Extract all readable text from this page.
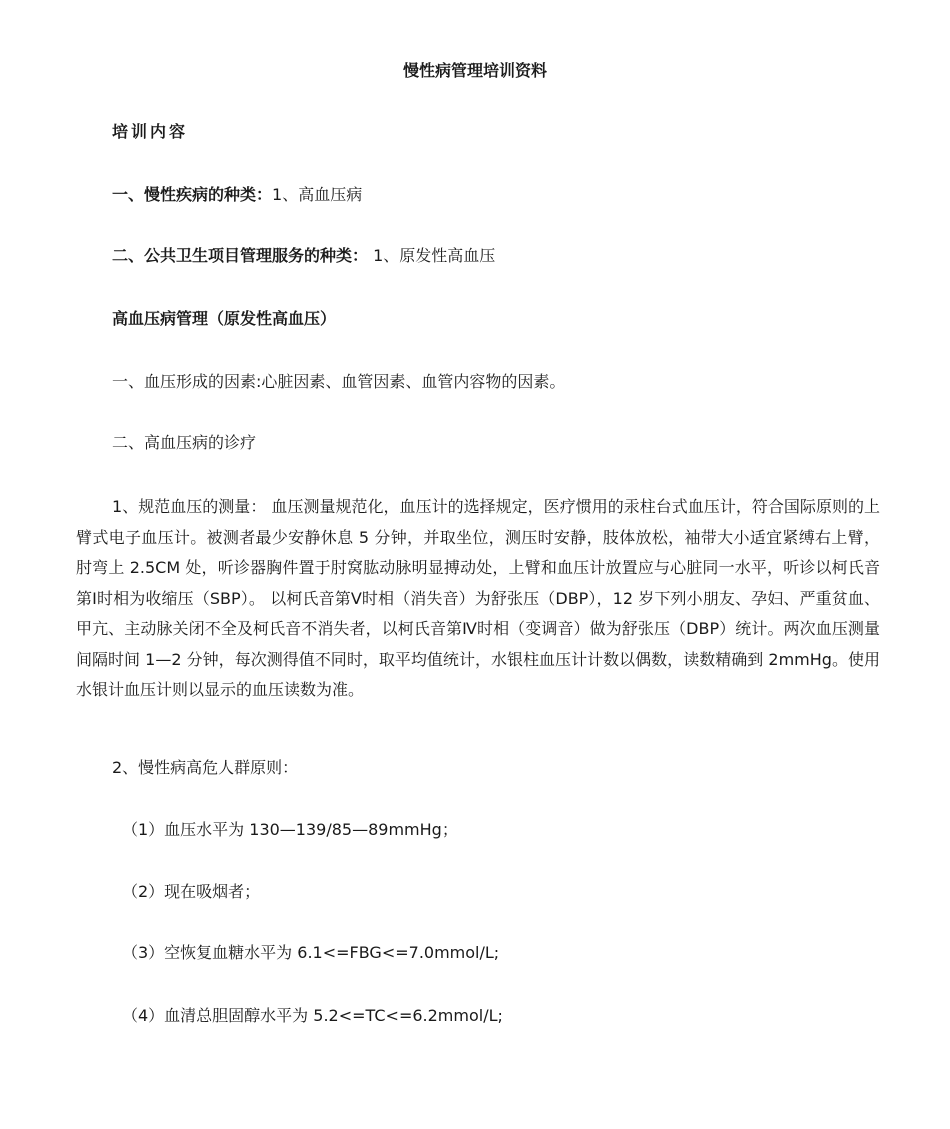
慢性病管理培训资料
培训内容
一、慢性疾病的种类：1、高血压病
二、公共卫生项目管理服务的种类： 1、原发性高血压
高血压病管理（原发性高血压）
一、血压形成的因素:心脏因素、血管因素、血管内容物的因素。
二、高血压病的诊疗
1、规范血压的测量： 血压测量规范化，血压计的选择规定，医疗惯用的汞柱台式血压计，符合国际原则的上臂式电子血压计。被测者最少安静休息 5 分钟，并取坐位，测压时安静，肢体放松，袖带大小适宜紧缚右上臂，肘弯上 2.5CM 处，听诊器胸件置于肘窝肱动脉明显搏动处，上臂和血压计放置应与心脏同一水平，听诊以柯氏音第Ⅰ时相为收缩压（SBP）。 以柯氏音第Ⅴ时相（消失音）为舒张压（DBP），12 岁下列小朋友、孕妇、严重贫血、甲亢、主动脉关闭不全及柯氏音不消失者，以柯氏音第Ⅳ时相（变调音）做为舒张压（DBP）统计。两次血压测量间隔时间 1—2 分钟，每次测得值不同时，取平均值统计，水银柱血压计计数以偶数，读数精确到 2mmHg。使用水银计血压计则以显示的血压读数为准。
2、慢性病高危人群原则：
（1）血压水平为 130—139/85—89mmHg；
（2）现在吸烟者；
（3）空恢复血糖水平为 6.1<=FBG<=7.0mmol/L;
（4）血清总胆固醇水平为 5.2<=TC<=6.2mmol/L;
